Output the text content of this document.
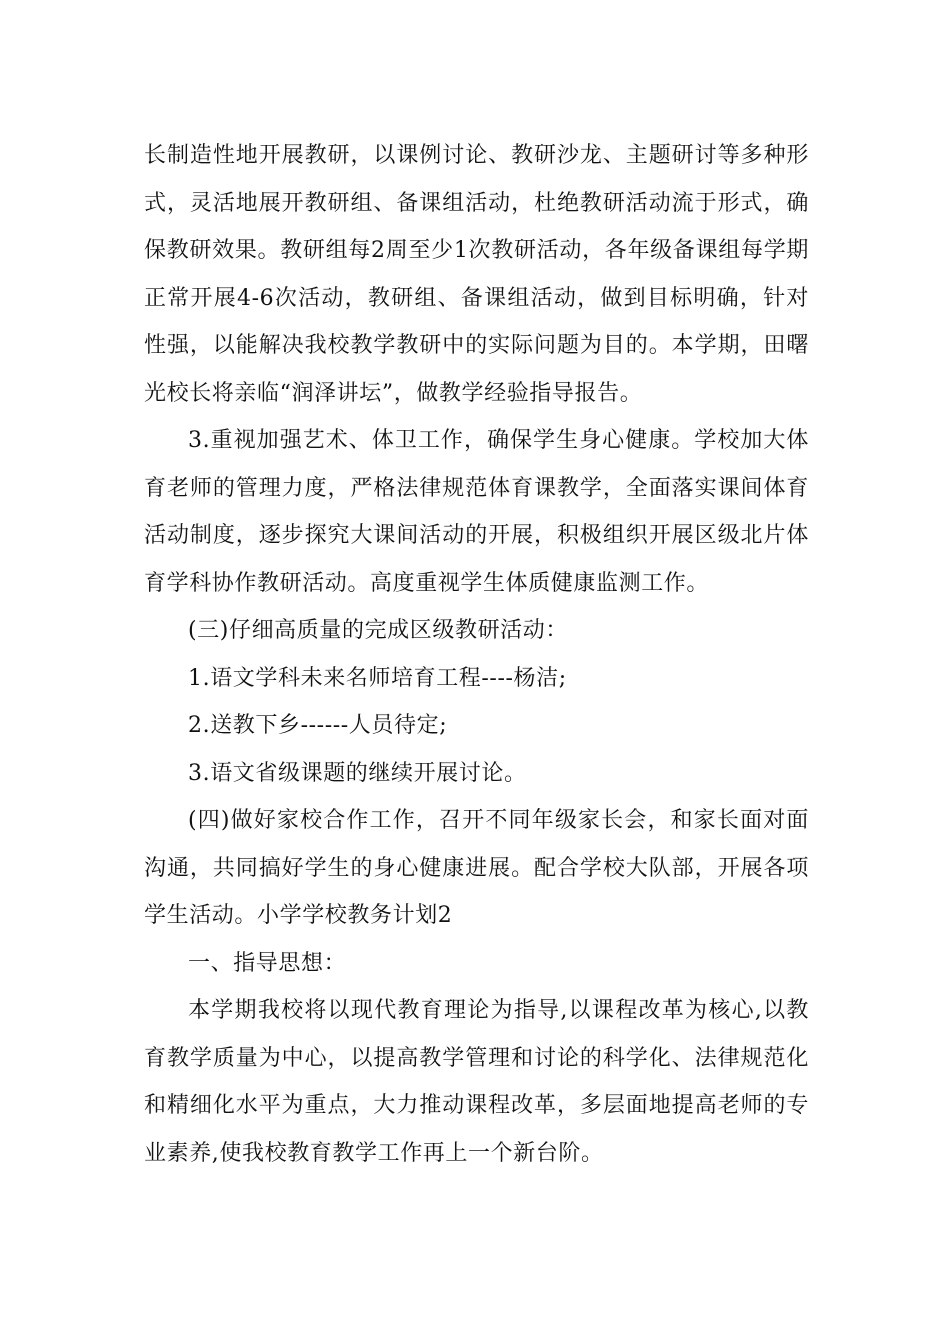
长制造性地开展教研，以课例讨论、教研沙龙、主题研讨等多种形式，灵活地展开教研组、备课组活动，杜绝教研活动流于形式，确保教研效果。教研组每2周至少1次教研活动，各年级备课组每学期正常开展4-6次活动，教研组、备课组活动，做到目标明确，针对性强，以能解决我校教学教研中的实际问题为目的。本学期，田曙光校长将亲临“润泽讲坛”，做教学经验指导报告。

3.重视加强艺术、体卫工作，确保学生身心健康。学校加大体育老师的管理力度，严格法律规范体育课教学，全面落实课间体育活动制度，逐步探究大课间活动的开展，积极组织开展区级北片体育学科协作教研活动。高度重视学生体质健康监测工作。

(三)仔细高质量的完成区级教研活动：

1.语文学科未来名师培育工程----杨洁;

2.送教下乡------人员待定;

3.语文省级课题的继续开展讨论。

(四)做好家校合作工作，召开不同年级家长会，和家长面对面沟通，共同搞好学生的身心健康进展。配合学校大队部，开展各项学生活动。小学学校教务计划2

一、指导思想：

本学期我校将以现代教育理论为指导,以课程改革为核心,以教育教学质量为中心，以提高教学管理和讨论的科学化、法律规范化和精细化水平为重点，大力推动课程改革，多层面地提高老师的专业素养,使我校教育教学工作再上一个新台阶。
